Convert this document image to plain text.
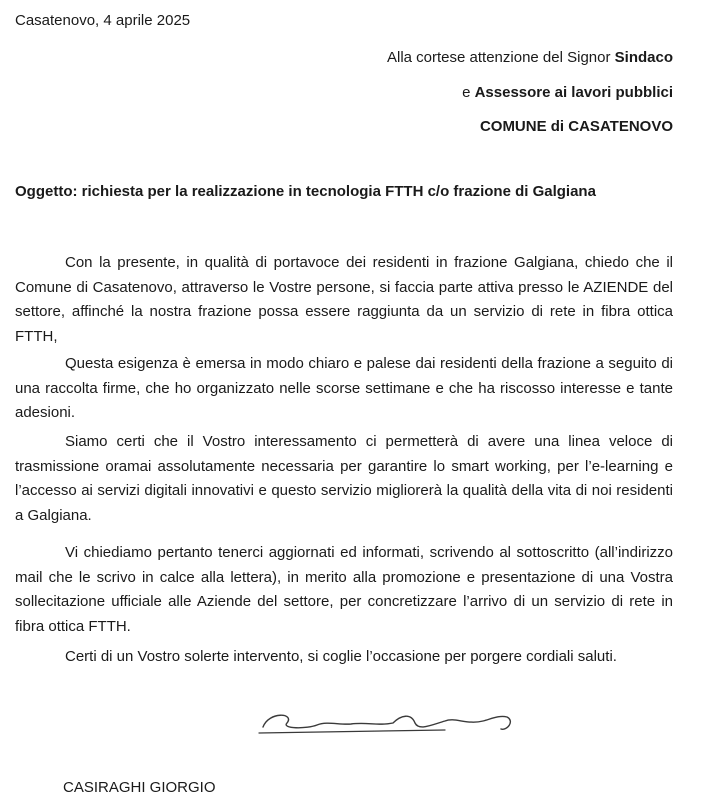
Casatenovo, 4 aprile 2025
Alla cortese attenzione del Signor Sindaco
e Assessore ai lavori pubblici
COMUNE di CASATENOVO
Oggetto: richiesta per la realizzazione in tecnologia FTTH c/o frazione di Galgiana

Con la presente, in qualità di portavoce dei residenti in frazione Galgiana, chiedo che il Comune di Casatenovo, attraverso le Vostre persone, si faccia parte attiva presso le AZIENDE del settore, affinché la nostra frazione possa essere raggiunta da un servizio di rete in fibra ottica FTTH,

Questa esigenza è emersa in modo chiaro e palese dai residenti della frazione a seguito di una raccolta firme, che ho organizzato nelle scorse settimane e che ha riscosso interesse e tante adesioni.

Siamo certi che il Vostro interessamento ci permetterà di avere una linea veloce di trasmissione oramai assolutamente necessaria per garantire lo smart working, per l’e-learning e l’accesso ai servizi digitali innovativi e questo servizio migliorerà la qualità della vita di noi residenti a Galgiana.

Vi chiediamo pertanto tenerci aggiornati ed informati, scrivendo al sottoscritto (all’indirizzo mail che le scrivo in calce alla lettera), in merito alla promozione e presentazione di una Vostra sollecitazione ufficiale alle Aziende del settore, per concretizzare l’arrivo di un servizio di rete in fibra ottica FTTH.

Certi di un Vostro solerte intervento, si coglie l’occasione per porgere cordiali saluti.

CASIRAGHI GIORGIO
